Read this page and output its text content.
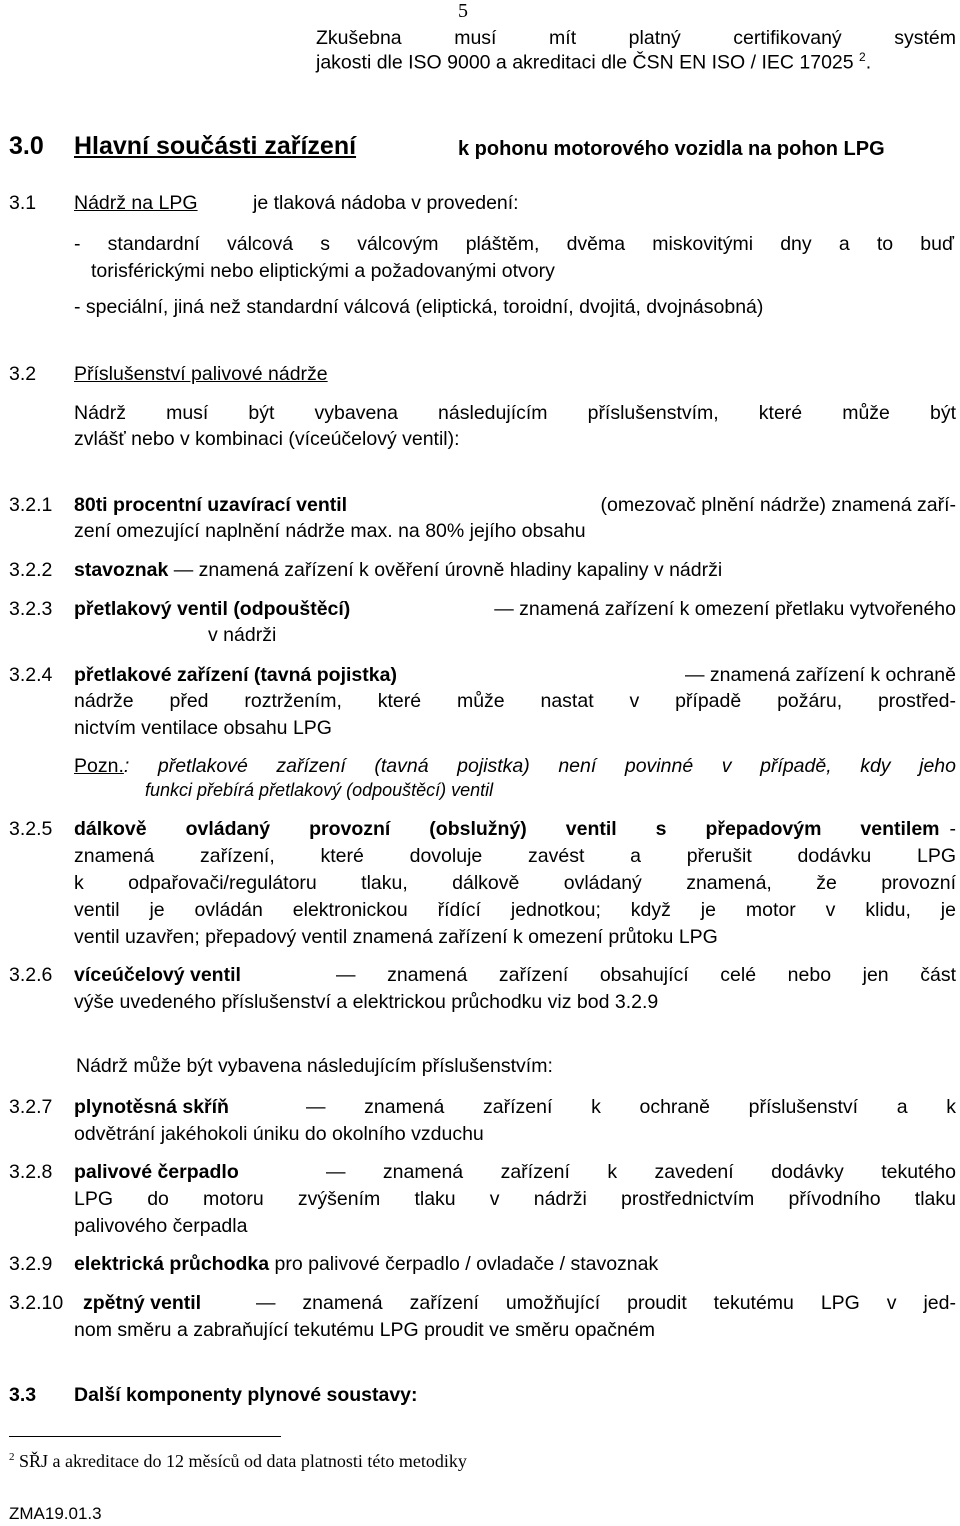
5
Zkušebna musí mít platný certifikovaný systém
jakosti dle ISO 9000 a akreditaci dle ČSN EN ISO / IEC 17025 $^2$.
3.0 Hlavní součásti zařízení	k pohonu motorového vozidla na pohon LPG
3.1 Nádrž na LPG	je tlaková nádoba v provedení:
- standardní válcová s válcovým pláštěm, dvěma miskovitými dny a to buď
torisférickými nebo eliptickými a požadovanými otvory
- speciální, jiná než standardní válcová (eliptická, toroidní, dvojitá, dvojnásobná)
3.2 Příslušenství palivové nádrže
Nádrž musí být vybavena následujícím příslušenstvím, které může být
zvlášť nebo v kombinaci (víceúčelový ventil):
3.2.1 80ti procentní uzavírací ventil	(omezovač plnění nádrže) znamená zaří-
zení omezující naplnění nádrže max. na 80% jejího obsahu
3.2.2 stavoznak — znamená zařízení k ověření úrovně hladiny kapaliny v nádrži
3.2.3 přetlakový ventil (odpouštěcí)	— znamená zařízení k omezení přetlaku vytvořeného
v nádrži
3.2.4 přetlakové zařízení (tavná pojistka)	— znamená zařízení k ochraně
nádrže před roztržením, které může nastat v případě požáru, prostřed-
nictvím ventilace obsahu LPG
Pozn. : přetlakové zařízení (tavná pojistka) není povinné v případě, kdy jeho
funkci přebírá přetlakový (odpouštěcí) ventil
3.2.5 dálkově ovládaný provozní (obslužný) ventil s přepadovým ventilem -
znamená zařízení, které dovoluje zavést a přerušit dodávku LPG
k odpařovači/regulátoru tlaku, dálkově ovládaný znamená, že provozní
ventil je ovládán elektronickou řídící jednotkou; když je motor v klidu, je
ventil uzavřen; přepadový ventil znamená zařízení k omezení průtoku LPG
3.2.6 víceúčelový ventil	— znamená zařízení obsahující celé nebo jen část
výše uvedeného příslušenství a elektrickou průchodku viz bod 3.2.9
Nádrž může být vybavena následujícím příslušenstvím:
3.2.7 plynotěsná skříň	— znamená zařízení k ochraně příslušenství a k
odvětrání jakéhokoli úniku do okolního vzduchu
3.2.8 palivové čerpadlo	— znamená zařízení k zavedení dodávky tekutého
LPG do motoru zvýšením tlaku v nádrži prostřednictvím přívodního tlaku
palivového čerpadla
3.2.9 elektrická průchodka pro palivové čerpadlo / ovladače / stavoznak
3.2.10 zpětný ventil	— znamená zařízení umožňující proudit tekutému LPG v jed-
nom směru a zabraňující tekutému LPG proudit ve směru opačném
3.3 Další komponenty plynové soustavy:
$^2$ SŘJ a akreditace do 12 měsíců od data platnosti této metodiky
ZMA19.01.3
